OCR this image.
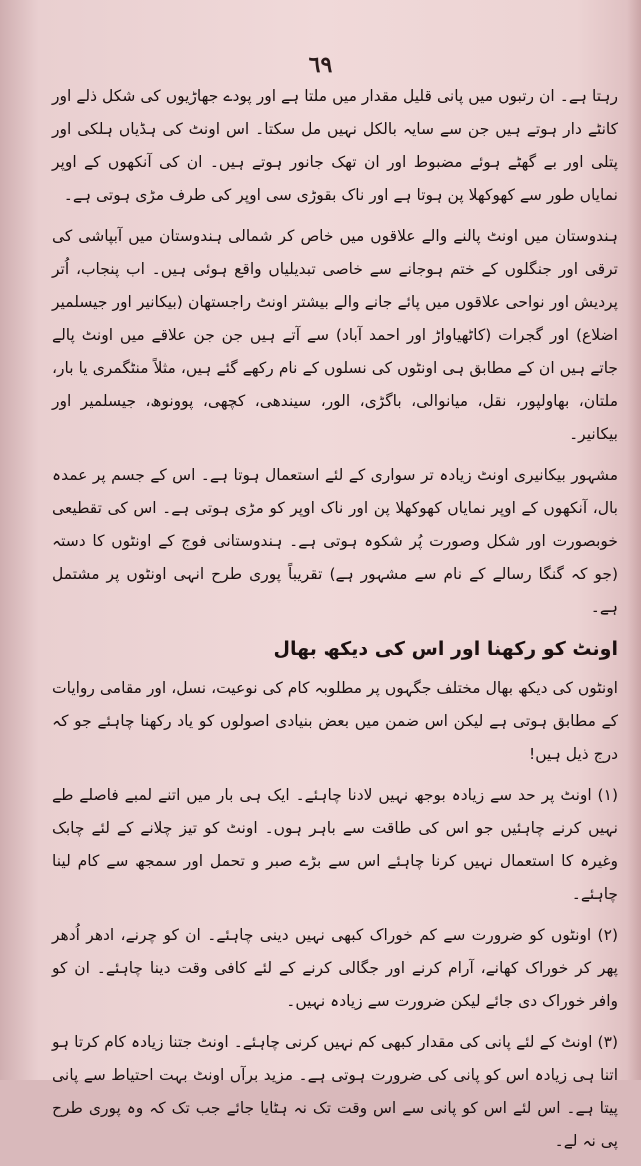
٦٩

رہتا ہے۔ ان رتبوں میں پانی قلیل مقدار میں ملتا ہے اور پودے جھاڑیوں کی شکل ذلے اور کانٹے دار ہوتے ہیں جن سے سایہ بالکل نہیں مل سکتا۔ اس اونٹ کی ہڈیاں ہلکی اور پتلی اور بے گھٹے ہوئے مضبوط اور ان تھک جانور ہوتے ہیں۔ ان کی آنکھوں کے اوپر نمایاں طور سے کھوکھلا پن ہوتا ہے اور ناک بقوڑی سی اوپر کی طرف مڑی ہوتی ہے۔

ہندوستان میں اونٹ پالنے والے علاقوں میں خاص کر شمالی ہندوستان میں آبپاشی کی ترقی اور جنگلوں کے ختم ہوجانے سے خاصی تبدیلیاں واقع ہوئی ہیں۔ اب پنجاب، اُتر پردیش اور نواحی علاقوں میں پائے جانے والے بیشتر اونٹ راجستھان (بیکانیر اور جیسلمیر اضلاع) اور گجرات (کاٹھیاواڑ اور احمد آباد) سے آتے ہیں جن جن علاقے میں اونٹ پالے جاتے ہیں ان کے مطابق ہی اونٹوں کی نسلوں کے نام رکھے گئے ہیں، مثلاً منٹگمری یا بار، ملتان، بھاولپور، نقل، میانوالی، باگڑی، الور، سیندھی، کچھی، پوونوھ، جیسلمیر اور بیکانیر۔

مشہور بیکانیری اونٹ زیادہ تر سواری کے لئے استعمال ہوتا ہے۔ اس کے جسم پر عمدہ بال، آنکھوں کے اوپر نمایاں کھوکھلا پن اور ناک اوپر کو مڑی ہوتی ہے۔ اس کی تقطیعی خوبصورت اور شکل وصورت پُر شکوہ ہوتی ہے۔ ہندوستانی فوج کے اونٹوں کا دستہ (جو کہ گنگا رسالے کے نام سے مشہور ہے) تقریباً پوری طرح انہی اونٹوں پر مشتمل ہے۔

اونٹ کو رکھنا اور اس کی دیکھ بھال

اونٹوں کی دیکھ بھال مختلف جگہوں پر مطلوبہ کام کی نوعیت، نسل، اور مقامی روایات کے مطابق ہوتی ہے لیکن اس ضمن میں بعض بنیادی اصولوں کو یاد رکھنا چاہئے جو کہ درج ذیل ہیں!

(۱) اونٹ پر حد سے زیادہ بوجھ نہیں لادنا چاہئے۔ ایک ہی بار میں اتنے لمبے فاصلے طے نہیں کرنے چاہئیں جو اس کی طاقت سے باہر ہوں۔ اونٹ کو تیز چلانے کے لئے چابک وغیرہ کا استعمال نہیں کرنا چاہئے اس سے بڑے صبر و تحمل اور سمجھ سے کام لینا چاہئے۔

(۲) اونٹوں کو ضرورت سے کم خوراک کبھی نہیں دینی چاہئے۔ ان کو چرنے، ادھر اُدھر پھر کر خوراک کھانے، آرام کرنے اور جگالی کرنے کے لئے کافی وقت دینا چاہئے۔ ان کو وافر خوراک دی جائے لیکن ضرورت سے زیادہ نہیں۔

(۳) اونٹ کے لئے پانی کی مقدار کبھی کم نہیں کرنی چاہئے۔ اونٹ جتنا زیادہ کام کرتا ہو اتنا ہی زیادہ اس کو پانی کی ضرورت ہوتی ہے۔ مزید برآں اونٹ بہت احتیاط سے پانی پیتا ہے۔ اس لئے اس کو پانی سے اس وقت تک نہ ہٹایا جائے جب تک کہ وہ پوری طرح پی نہ لے۔
